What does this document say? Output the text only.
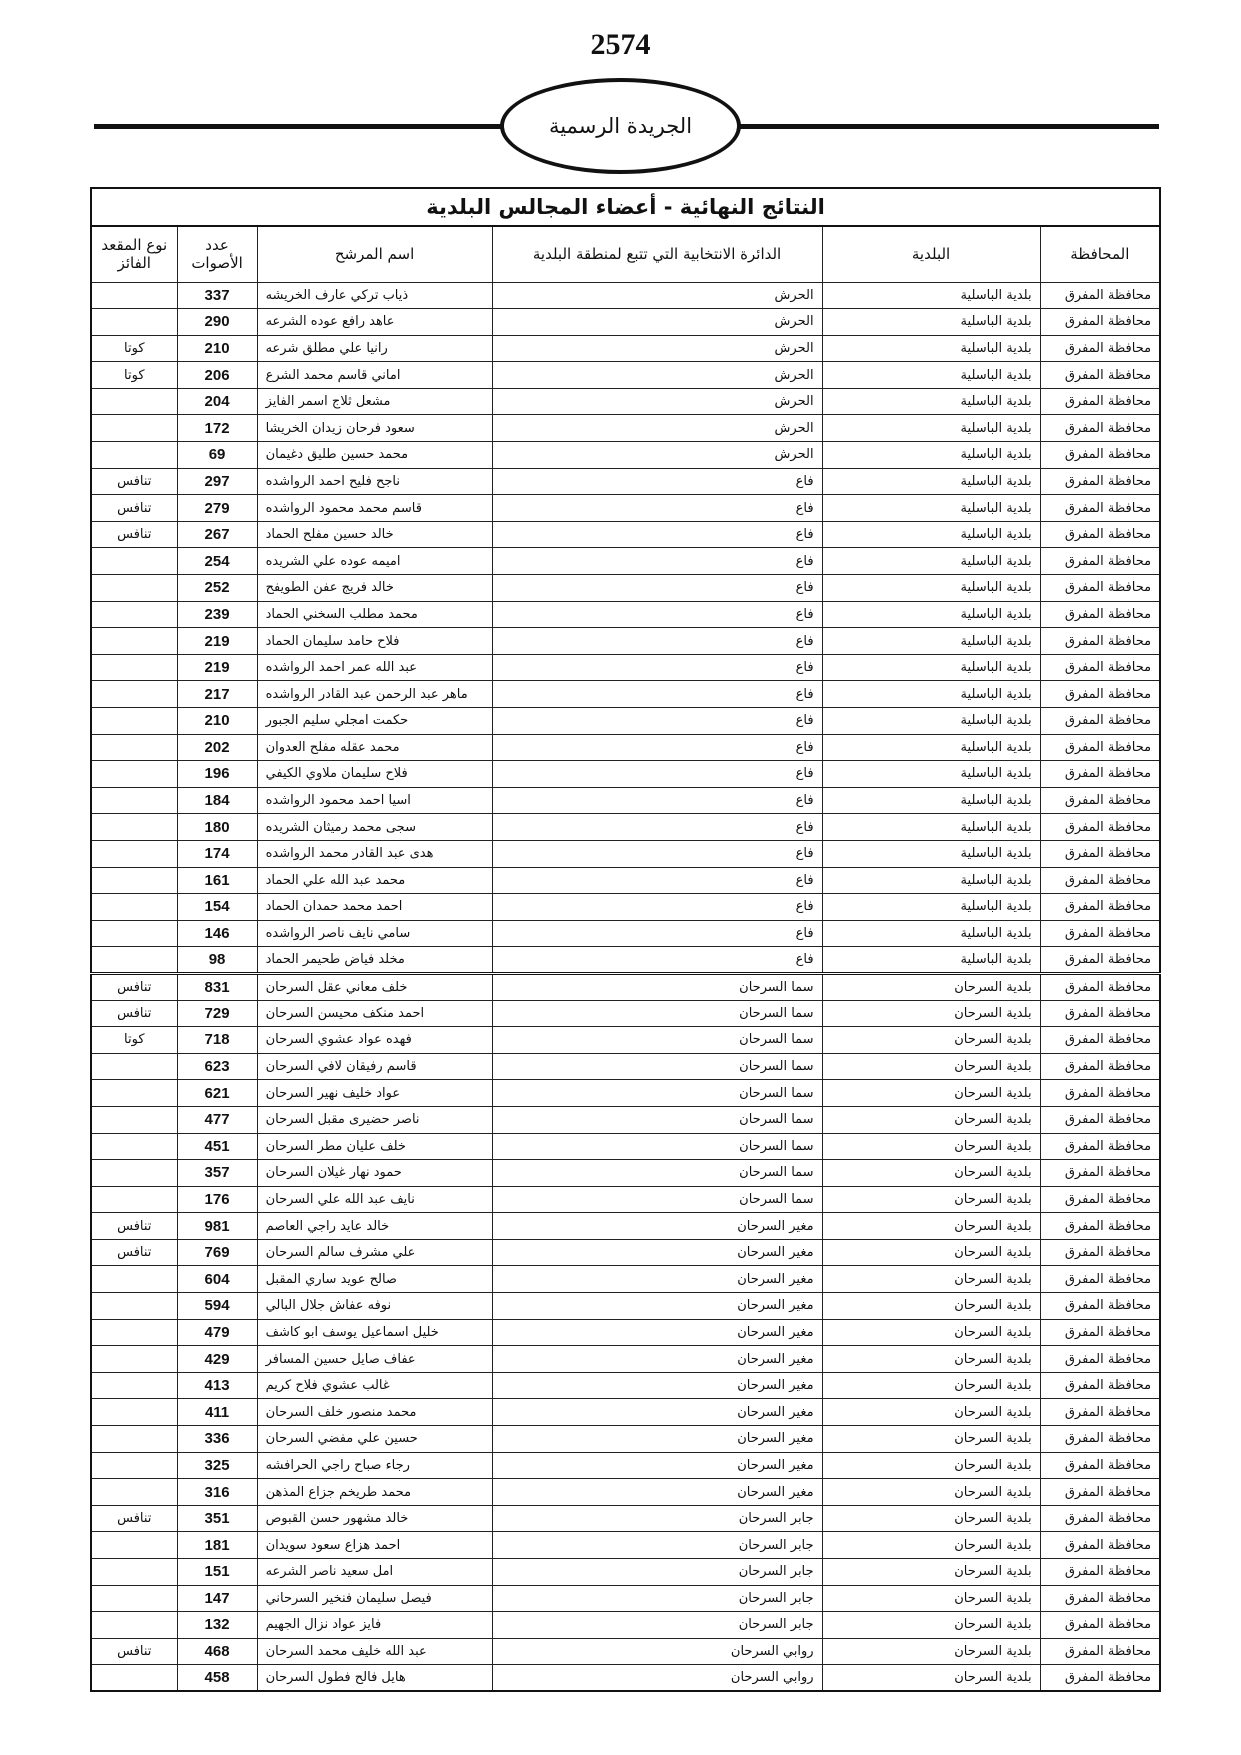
2574
الجريدة الرسمية
النتائج النهائية - أعضاء المجالس البلدية					
المحافظة	البلدية	الدائرة الانتخابية التي تتبع لمنطقة البلدية	اسم المرشح	عدد الأصوات	نوع المقعد الفائز
محافظة المفرق	بلدية الباسلية	الحرش	ذياب تركي عارف الخريشه	337	
محافظة المفرق	بلدية الباسلية	الحرش	عاهد رافع عوده الشرعه	290	
محافظة المفرق	بلدية الباسلية	الحرش	رانيا علي مطلق شرعه	210	كوتا
محافظة المفرق	بلدية الباسلية	الحرش	اماني قاسم محمد الشرع	206	كوتا
محافظة المفرق	بلدية الباسلية	الحرش	مشعل ثلاج اسمر الفايز	204	
محافظة المفرق	بلدية الباسلية	الحرش	سعود فرحان زيدان الخريشا	172	
محافظة المفرق	بلدية الباسلية	الحرش	محمد حسين طليق دغيمان	69	
محافظة المفرق	بلدية الباسلية	فاع	ناجح فليح احمد الرواشده	297	تنافس
محافظة المفرق	بلدية الباسلية	فاع	قاسم محمد محمود الرواشده	279	تنافس
محافظة المفرق	بلدية الباسلية	فاع	خالد حسين مفلح الحماد	267	تنافس
محافظة المفرق	بلدية الباسلية	فاع	اميمه عوده علي الشريده	254	
محافظة المفرق	بلدية الباسلية	فاع	خالد فريج عفن الطويفح	252	
محافظة المفرق	بلدية الباسلية	فاع	محمد مطلب السخني الحماد	239	
محافظة المفرق	بلدية الباسلية	فاع	فلاح حامد سليمان الحماد	219	
محافظة المفرق	بلدية الباسلية	فاع	عبد الله عمر احمد الرواشده	219	
محافظة المفرق	بلدية الباسلية	فاع	ماهر عبد الرحمن عبد القادر الرواشده	217	
محافظة المفرق	بلدية الباسلية	فاع	حكمت امجلي سليم الجبور	210	
محافظة المفرق	بلدية الباسلية	فاع	محمد عقله مفلح العدوان	202	
محافظة المفرق	بلدية الباسلية	فاع	فلاح سليمان ملاوي الكيفي	196	
محافظة المفرق	بلدية الباسلية	فاع	اسيا احمد محمود الرواشده	184	
محافظة المفرق	بلدية الباسلية	فاع	سجى محمد رميثان الشريده	180	
محافظة المفرق	بلدية الباسلية	فاع	هدى عبد القادر محمد الرواشده	174	
محافظة المفرق	بلدية الباسلية	فاع	محمد عبد الله علي الحماد	161	
محافظة المفرق	بلدية الباسلية	فاع	احمد محمد حمدان الحماد	154	
محافظة المفرق	بلدية الباسلية	فاع	سامي نايف ناصر الرواشده	146	
محافظة المفرق	بلدية الباسلية	فاع	مخلد فياض طحيمر الحماد	98	
محافظة المفرق	بلدية السرحان	سما السرحان	خلف معاني عقل السرحان	831	تنافس
محافظة المفرق	بلدية السرحان	سما السرحان	احمد منكف محيسن السرحان	729	تنافس
محافظة المفرق	بلدية السرحان	سما السرحان	فهده عواد عشوي السرحان	718	كوتا
محافظة المفرق	بلدية السرحان	سما السرحان	قاسم رفيقان لافي السرحان	623	
محافظة المفرق	بلدية السرحان	سما السرحان	عواد خليف نهير السرحان	621	
محافظة المفرق	بلدية السرحان	سما السرحان	ناصر حضيرى مقبل السرحان	477	
محافظة المفرق	بلدية السرحان	سما السرحان	خلف عليان مطر السرحان	451	
محافظة المفرق	بلدية السرحان	سما السرحان	حمود نهار غيلان السرحان	357	
محافظة المفرق	بلدية السرحان	سما السرحان	نايف عبد الله علي السرحان	176	
محافظة المفرق	بلدية السرحان	مغير السرحان	خالد عايد راجي العاصم	981	تنافس
محافظة المفرق	بلدية السرحان	مغير السرحان	علي مشرف سالم السرحان	769	تنافس
محافظة المفرق	بلدية السرحان	مغير السرحان	صالح عويد ساري المقبل	604	
محافظة المفرق	بلدية السرحان	مغير السرحان	نوفه عفاش جلال البالي	594	
محافظة المفرق	بلدية السرحان	مغير السرحان	خليل اسماعيل يوسف ابو كاشف	479	
محافظة المفرق	بلدية السرحان	مغير السرحان	عفاف صايل حسين المسافر	429	
محافظة المفرق	بلدية السرحان	مغير السرحان	غالب عشوي فلاح كريم	413	
محافظة المفرق	بلدية السرحان	مغير السرحان	محمد منصور خلف السرحان	411	
محافظة المفرق	بلدية السرحان	مغير السرحان	حسين علي مفضي السرحان	336	
محافظة المفرق	بلدية السرحان	مغير السرحان	رجاء صباح راجي الحرافشه	325	
محافظة المفرق	بلدية السرحان	مغير السرحان	محمد طريخم جزاع المذهن	316	
محافظة المفرق	بلدية السرحان	جابر السرحان	خالد مشهور حسن القبوص	351	تنافس
محافظة المفرق	بلدية السرحان	جابر السرحان	احمد هزاع سعود سويدان	181	
محافظة المفرق	بلدية السرحان	جابر السرحان	امل سعيد ناصر الشرعه	151	
محافظة المفرق	بلدية السرحان	جابر السرحان	فيصل سليمان فنخير السرحاني	147	
محافظة المفرق	بلدية السرحان	جابر السرحان	فايز عواد نزال الجهيم	132	
محافظة المفرق	بلدية السرحان	روابي السرحان	عبد الله خليف محمد السرحان	468	تنافس
محافظة المفرق	بلدية السرحان	روابي السرحان	هايل فالح فطول السرحان	458	
